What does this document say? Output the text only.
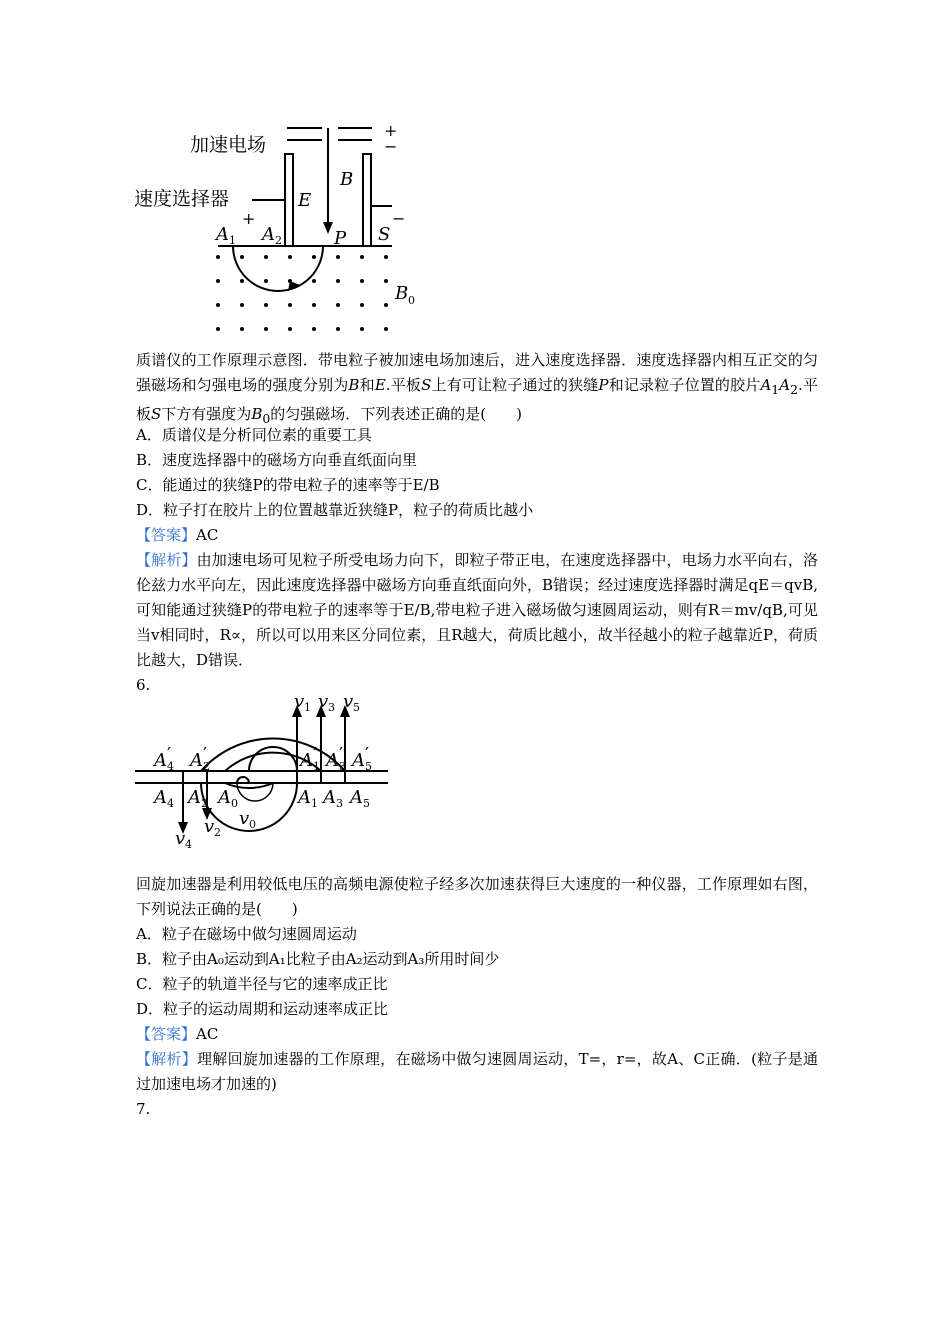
加速电场
速度选择器
B
E
P S
A A
B
1	2
0
+
−
+	−
质谱仪的工作原理示意图．带电粒子被加速电场加速后，进入速度选择器．速度选择器内相互正交的匀强磁场和匀强电场的强度分别为B和E.平板S上有可让粒子通过的狭缝P和记录粒子位置的胶片$A_1A_2$.平板S下方有强度为$B_0$的匀强磁场．下列表述正确的是(　　)
A．质谱仪是分析同位素的重要工具
B．速度选择器中的磁场方向垂直纸面向里
C．能通过的狭缝P的带电粒子的速率等于E/B
D．粒子打在胶片上的位置越靠近狭缝P，粒子的荷质比越小
【答案】AC
【解析】由加速电场可见粒子所受电场力向下，即粒子带正电，在速度选择器中，电场力水平向右，洛伦兹力水平向左，因此速度选择器中磁场方向垂直纸面向外，B错误；经过速度选择器时满足qE＝qvB,可知能通过狭缝P的带电粒子的速率等于E/B,带电粒子进入磁场做匀速圆周运动，则有R＝mv/qB,可见当v相同时，R∝，所以可以用来区分同位素，且R越大，荷质比越小，故半径越小的粒子越靠近P，荷质比越大，D错误．
6.
v v v
v
v v
A A	A A A
A A A	A A A
′ ′	′ ′ ′
1 3 5
4
2
0
4	2	1 3 5
4 2 0	1 3 5
回旋加速器是利用较低电压的高频电源使粒子经多次加速获得巨大速度的一种仪器，工作原理如右图，下列说法正确的是(　　)
A．粒子在磁场中做匀速圆周运动
B．粒子由A₀运动到A₁比粒子由A₂运动到A₃所用时间少
C．粒子的轨道半径与它的速率成正比
D．粒子的运动周期和运动速率成正比
【答案】AC
【解析】理解回旋加速器的工作原理，在磁场中做匀速圆周运动，T=，r=，故A、C正确．(粒子是通过加速电场才加速的)
7.
